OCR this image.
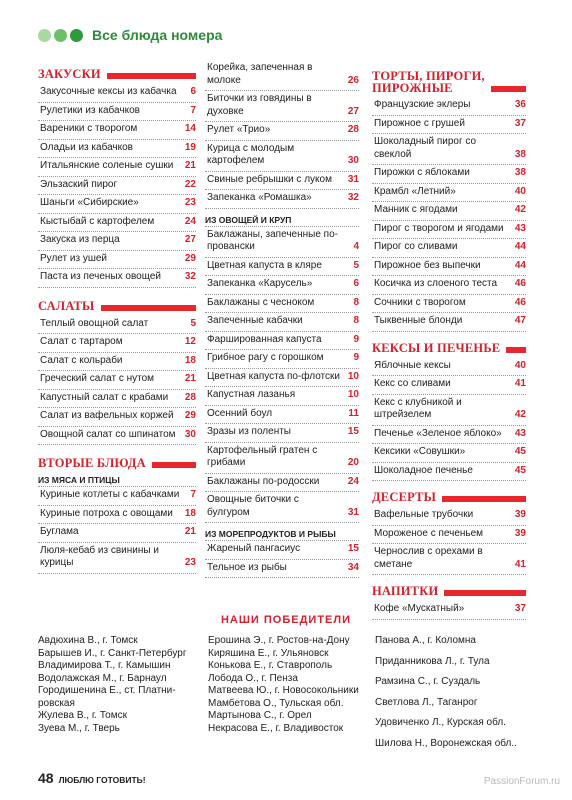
Все блюда номера
ЗАКУСКИ
Закусочные кексы из кабачка	6
Рулетики из кабачков	7
Вареники с творогом	14
Оладьи из кабачков	19
Итальянские соленые сушки	21
Эльзаский пирог	22
Шаньги «Сибирские»	23
Кыстыбай с картофелем	24
Закуска из перца	27
Рулет из ушей	29
Паста из печеных овощей	32
САЛАТЫ
Теплый овощной салат	5
Салат с тартаром	12
Салат с кольраби	18
Греческий салат с нутом	21
Капустный салат с крабами	28
Салат из вафельных коржей	29
Овощной салат со шпинатом 30
ВТОРЫЕ БЛЮДА
ИЗ МЯСА И ПТИЦЫ
Куриные котлеты с кабачками	7
Куриные потроха с овощами	18
Буглама	21
Люля-кебаб из свинины и курицы	23
Корейка, запеченная в молоке	26
Биточки из говядины в духовке	27
Рулет «Трио»	28
Курица с молодым картофелем	30
Свиные ребрышки с луком	31
Запеканка «Ромашка»	32
ИЗ ОВОЩЕЙ И КРУП
Баклажаны, запеченные по-провански	4
Цветная капуста в кляре	5
Запеканка «Карусель»	6
Баклажаны с чесноком	8
Запеченные кабачки	8
Фаршированная капуста	9
Грибное рагу с горошком	9
Цветная капуста по-флотски 10
Капустная лазанья	10
Осенний боул	11
Зразы из поленты	15
Картофельный гратен с грибами	20
Баклажаны по-родосски	24
Овощные биточки с булгуром	31
ИЗ МОРЕПРОДУКТОВ И РЫБЫ
Жареный пангасиус	15
Тельное из рыбы	34
ТОРТЫ, ПИРОГИ,
ПИРОЖНЫЕ
Французские эклеры	36
Пирожное с грушей	37
Шоколадный пирог со свеклой	38
Пирожки с яблоками	38
Крамбл «Летний»	40
Манник с ягодами	42
Пирог с творогом и ягодами	43
Пирог со сливами	44
Пирожное без выпечки	44
Косичка из слоеного теста	46
Сочники с творогом	46
Тыквенные блонди	47
КЕКСЫ И ПЕЧЕНЬЕ
Яблочные кексы	40
Кекс со сливами	41
Кекс с клубникой и штрейзелем	42
Печенье «Зеленое яблоко»	43
Кексики «Совушки»	45
Шоколадное печенье	45
ДЕСЕРТЫ
Вафельные трубочки	39
Мороженое с печеньем	39
Чернослив с орехами в сметане	41
НАПИТКИ
Кофе «Мускатный»	37
НАШИ ПОБЕДИТЕЛИ
Авдюхина В., г. Томск
Барышев И., г. Санкт-Петербург
Владимирова Т., г. Камышин
Водолажская М., г. Барнаул
Городишенина Е., ст. Платни-
ровская
Жулева В., г. Томск
Зуева М., г. Тверь
Ерошина Э., г. Ростов-на-Дону
Киряшина Е., г. Ульяновск
Конькова Е., г. Ставрополь
Лобода О., г. Пенза
Матвеева Ю., г. Новосокольники
Мамбетова О., Тульская обл.
Мартынова С., г. Орел
Некрасова Е., г. Владивосток
Панова А., г. Коломна
Приданникова Л., г. Тула
Рамзина С., г. Суздаль
Светлова Л., Таганрог
Удовиченко Л., Курская обл.
Шилова Н., Воронежская обл..
48 ЛЮБЛЮ ГОТОВИТЬ!	PassionForum.ru
